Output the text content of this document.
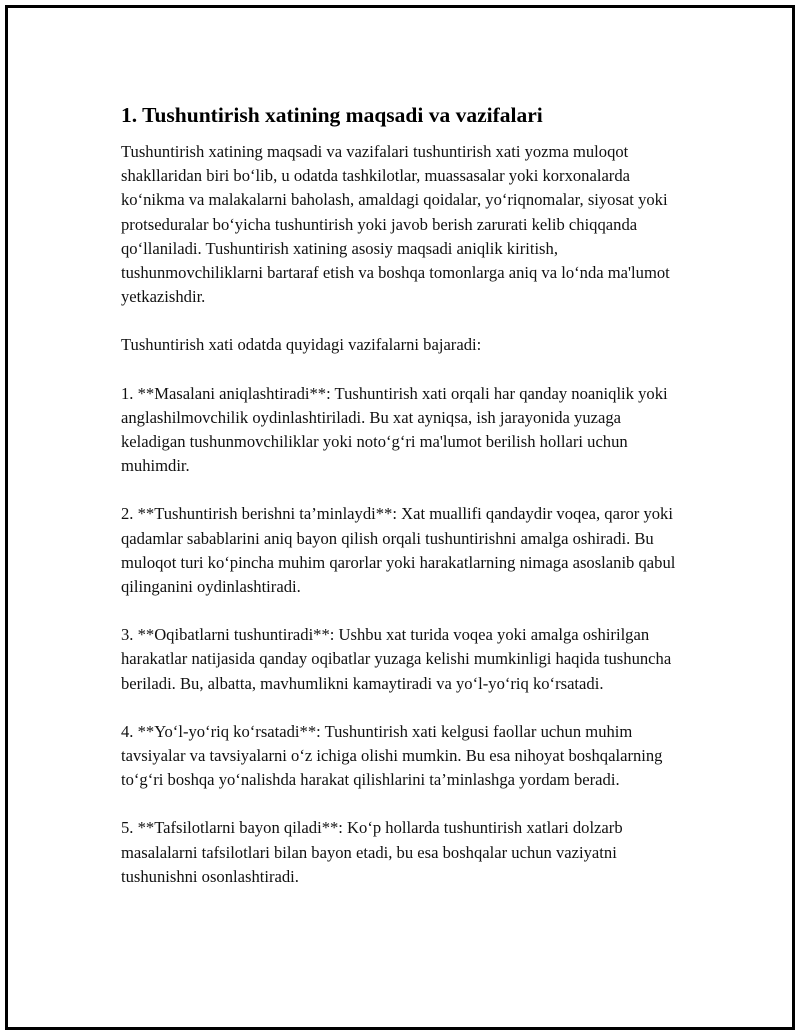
1. Tushuntirish xatining maqsadi va vazifalari

Tushuntirish xatining maqsadi va vazifalari tushuntirish xati yozma muloqot shakllaridan biri bo‘lib, u odatda tashkilotlar, muassasalar yoki korxonalarda ko‘nikma va malakalarni baholash, amaldagi qoidalar, yo‘riqnomalar, siyosat yoki protseduralar bo‘yicha tushuntirish yoki javob berish zarurati kelib chiqqanda qo‘llaniladi. Tushuntirish xatining asosiy maqsadi aniqlik kiritish, tushunmovchiliklarni bartaraf etish va boshqa tomonlarga aniq va lo‘nda ma'lumot yetkazishdir.

Tushuntirish xati odatda quyidagi vazifalarni bajaradi:

1. **Masalani aniqlashtiradi**: Tushuntirish xati orqali har qanday noaniqlik yoki anglashilmovchilik oydinlashtiriladi. Bu xat ayniqsa, ish jarayonida yuzaga keladigan tushunmovchiliklar yoki noto‘g‘ri ma'lumot berilish hollari uchun muhimdir.

2. **Tushuntirish berishni ta’minlaydi**: Xat muallifi qandaydir voqea, qaror yoki qadamlar sabablarini aniq bayon qilish orqali tushuntirishni amalga oshiradi. Bu muloqot turi ko‘pincha muhim qarorlar yoki harakatlarning nimaga asoslanib qabul qilinganini oydinlashtiradi.

3. **Oqibatlarni tushuntiradi**: Ushbu xat turida voqea yoki amalga oshirilgan harakatlar natijasida qanday oqibatlar yuzaga kelishi mumkinligi haqida tushuncha beriladi. Bu, albatta, mavhumlikni kamaytiradi va yo‘l-yo‘riq ko‘rsatadi.

4. **Yo‘l-yo‘riq ko‘rsatadi**: Tushuntirish xati kelgusi faollar uchun muhim tavsiyalar va tavsiyalarni o‘z ichiga olishi mumkin. Bu esa nihoyat boshqalarning to‘g‘ri boshqa yo‘nalishda harakat qilishlarini ta’minlashga yordam beradi.

5. **Tafsilotlarni bayon qiladi**: Ko‘p hollarda tushuntirish xatlari dolzarb masalalarni tafsilotlari bilan bayon etadi, bu esa boshqalar uchun vaziyatni tushunishni osonlashtiradi.
